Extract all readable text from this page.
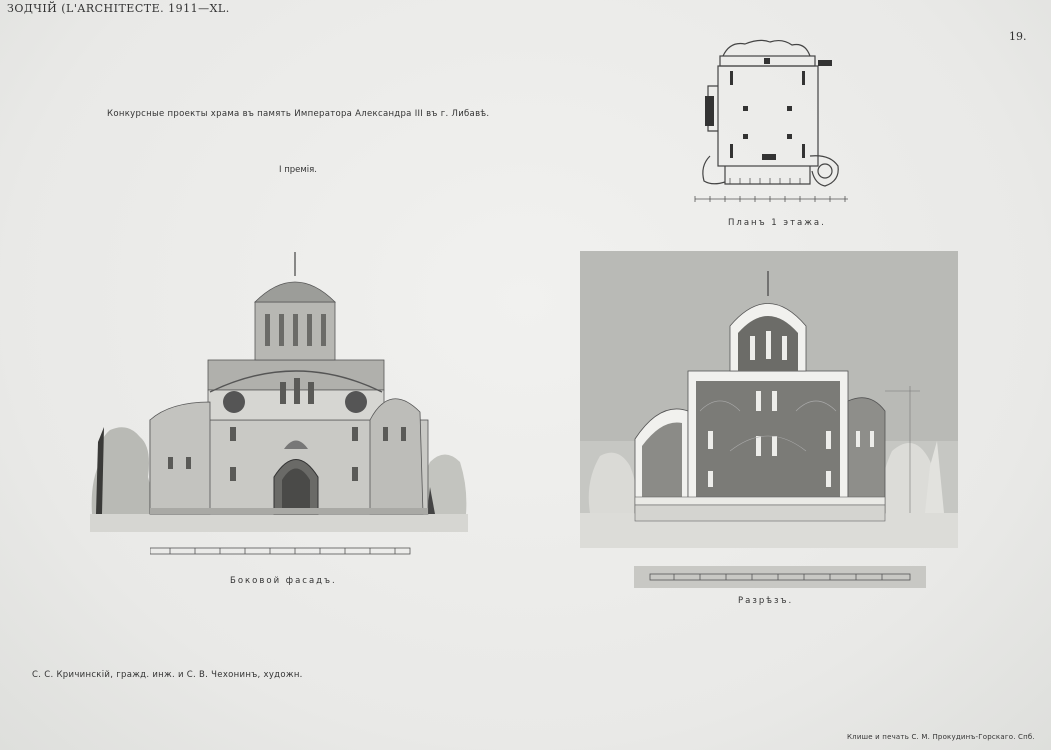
ЗОДЧІЙ (L'ARCHITECTE. 1911—XL.
19.
Конкурсные проекты храма въ память Императора Александра III въ г. Либавѣ.
I премія.
Планъ 1 этажа.
Боковой фасадъ.
Разрѣзъ.
С. С. Кричинскій, гражд. инж. и С. В. Чехонинъ, художн.
Клише и печать С. М. Прокудинъ-Горскаго. Спб.
